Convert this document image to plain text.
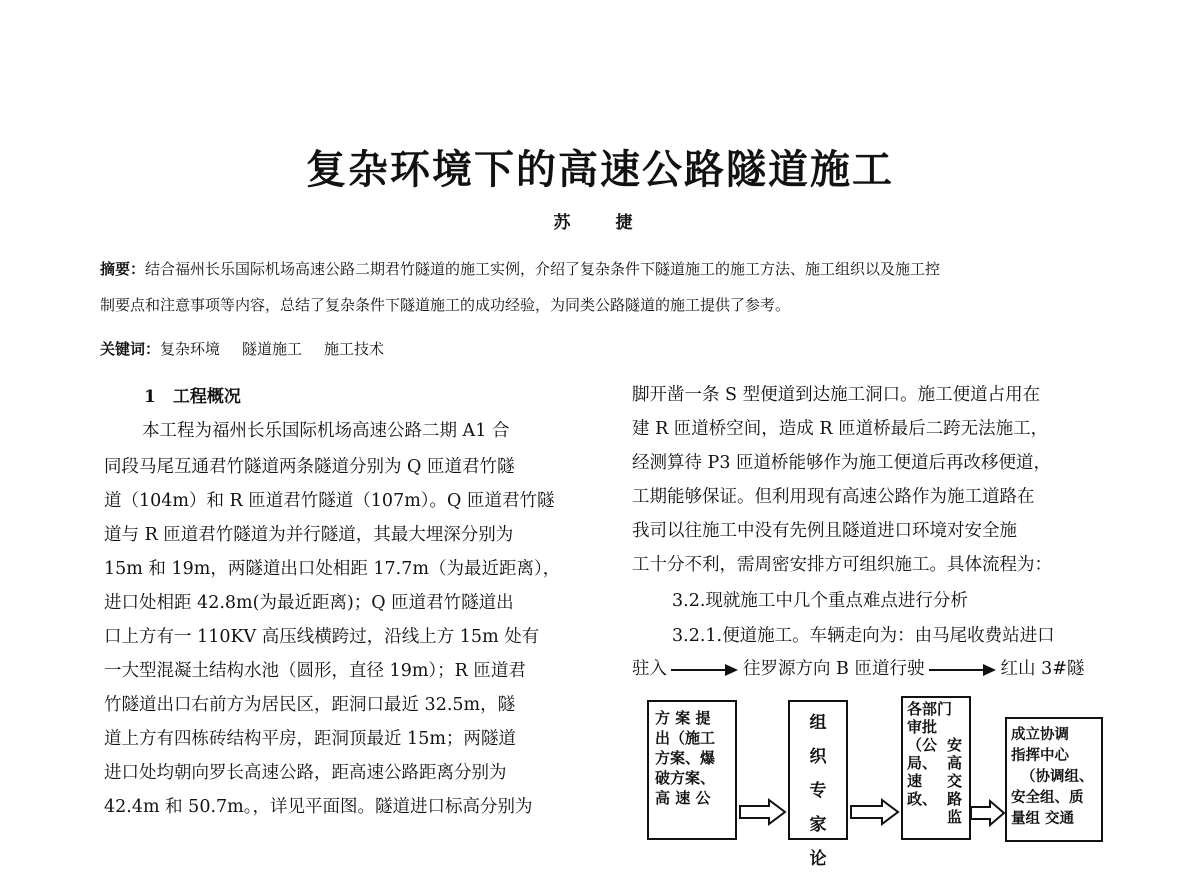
复杂环境下的高速公路隧道施工
苏　捷
摘要：结合福州长乐国际机场高速公路二期君竹隧道的施工实例，介绍了复杂条件下隧道施工的施工方法、施工组织以及施工控
制要点和注意事项等内容，总结了复杂条件下隧道施工的成功经验，为同类公路隧道的施工提供了参考。
关键词：复杂环境 隧道施工 施工技术
1　工程概况
本工程为福州长乐国际机场高速公路二期 A1 合
同段马尾互通君竹隧道两条隧道分别为 Q 匝道君竹隧
道（104m）和 R 匝道君竹隧道（107m）。Q 匝道君竹隧
道与 R 匝道君竹隧道为并行隧道，其最大埋深分别为
15m 和 19m，两隧道出口处相距 17.7m（为最近距离），
进口处相距 42.8m(为最近距离)；Q 匝道君竹隧道出
口上方有一 110KV 高压线横跨过，沿线上方 15m 处有
一大型混凝土结构水池（圆形，直径 19m）；R 匝道君
竹隧道出口右前方为居民区，距洞口最近 32.5m，隧
道上方有四栋砖结构平房，距洞顶最近 15m；两隧道
进口处均朝向罗长高速公路，距高速公路距离分别为
42.4m 和 50.7m。，详见平面图。隧道进口标高分别为
脚开凿一条 S 型便道到达施工洞口。施工便道占用在
建 R 匝道桥空间，造成 R 匝道桥最后二跨无法施工，
经测算待 P3 匝道桥能够作为施工便道后再改移便道，
工期能够保证。但利用现有高速公路作为施工道路在
我司以往施工中没有先例且隧道进口环境对安全施
工十分不利，需周密安排方可组织施工。具体流程为：
3.2.现就施工中几个重点难点进行分析
3.2.1.便道施工。车辆走向为：由马尾收费站进口
驻入	往罗源方向 B 匝道行驶	红山 3#隧
方 案 提
出（施工
方案、爆
破方案、
高 速 公
组
织
专
家
论
各部门
审批
（公
局、
速
政、
安
高
交
路
监
成立协调
指挥中心
（协调组、
安全组、质
量组 交通
